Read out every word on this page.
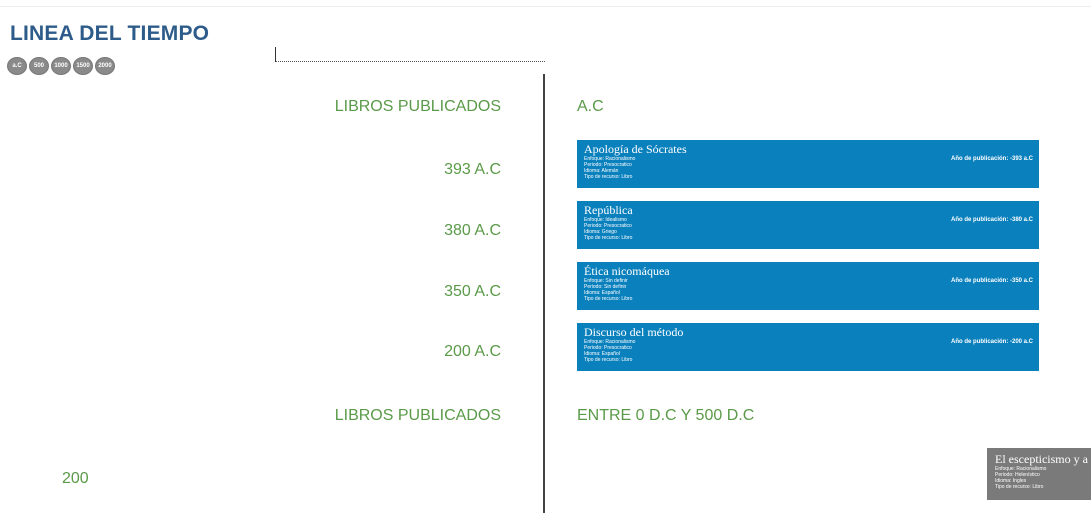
LINEA DEL TIEMPO
a.C	500	1000	1500	2000
LIBROS PUBLICADOS	A.C
393 A.C
380 A.C
350 A.C
200 A.C
Apología de Sócrates
Enfoque: Racionalismo
Periodo: Presocratico
Idioma: Alemán
Tipo de recurso: Libro
Año de publicación: -393 a.C
República
Enfoque: Idealismo
Periodo: Presocratico
Idioma: Griego
Tipo de recurso: Libro
Año de publicación: -380 a.C
Ética nicomáquea
Enfoque: Sin definir
Periodo: Sin definir
Idioma: Español
Tipo de recurso: Libro
Año de publicación: -350 a.C
Discurso del método
Enfoque: Racionalismo
Periodo: Presocratico
Idioma: Español
Tipo de recurso: Libro
Año de publicación: -200 a.C
LIBROS PUBLICADOS	ENTRE 0 D.C Y 500 D.C
200
El escepticismo y a
Enfoque: Racionalismo
Periodo: Helenístico
Idioma: Ingles
Tipo de recurso: Libro
